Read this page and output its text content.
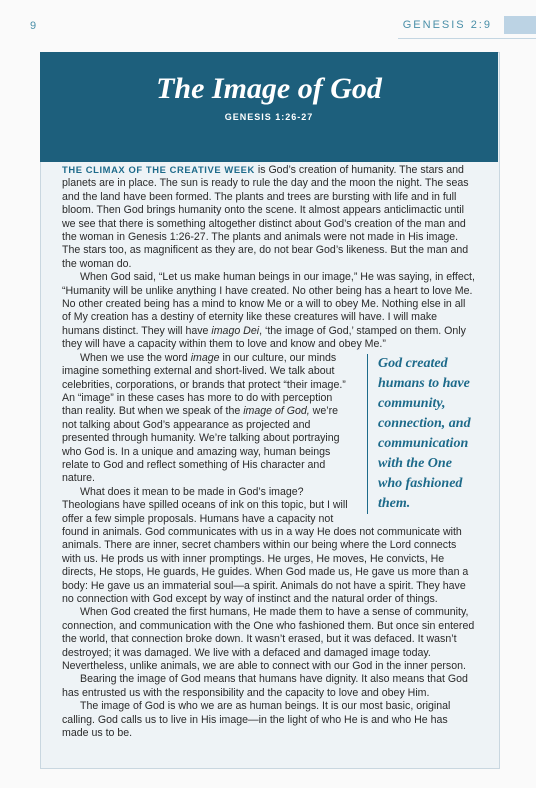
9	GENESIS 2:9
The Image of God
GENESIS 1:26-27

THE CLIMAX OF THE CREATIVE WEEK is God’s creation of humanity. The stars and planets are in place. The sun is ready to rule the day and the moon the night. The seas and the land have been formed. The plants and trees are bursting with life and in full bloom. Then God brings humanity onto the scene. It almost appears anticlimactic until we see that there is something altogether distinct about God’s creation of the man and the woman in Genesis 1:26-27. The plants and animals were not made in His image. The stars too, as magnificent as they are, do not bear God’s likeness. But the man and the woman do.

When God said, “Let us make human beings in our image,” He was saying, in effect, “Humanity will be unlike anything I have created. No other being has a heart to love Me. No other created being has a mind to know Me or a will to obey Me. Nothing else in all of My creation has a destiny of eternity like these creatures will have. I will make humans distinct. They will have imago Dei, ‘the image of God,’ stamped on them. Only they will have a capacity within them to love and know and obey Me.”

God created humans to have community, connection, and communication with the One who fashioned them.

When we use the word image in our culture, our minds imagine something external and short-lived. We talk about celebrities, corporations, or brands that protect “their image.” An “image” in these cases has more to do with perception than reality. But when we speak of the image of God, we’re not talking about God’s appearance as projected and presented through humanity. We’re talking about portraying who God is. In a unique and amazing way, human beings relate to God and reflect something of His character and nature.

What does it mean to be made in God’s image? Theologians have spilled oceans of ink on this topic, but I will offer a few simple proposals. Humans have a capacity not found in animals. God communicates with us in a way He does not communicate with animals. There are inner, secret chambers within our being where the Lord connects with us. He prods us with inner promptings. He urges, He moves, He convicts, He directs, He stops, He guards, He guides. When God made us, He gave us more than a body: He gave us an immaterial soul—a spirit. Animals do not have a spirit. They have no connection with God except by way of instinct and the natural order of things.

When God created the first humans, He made them to have a sense of community, connection, and communication with the One who fashioned them. But once sin entered the world, that connection broke down. It wasn’t erased, but it was defaced. It wasn’t destroyed; it was damaged. We live with a defaced and damaged image today. Nevertheless, unlike animals, we are able to connect with our God in the inner person.

Bearing the image of God means that humans have dignity. It also means that God has entrusted us with the responsibility and the capacity to love and obey Him.

The image of God is who we are as human beings. It is our most basic, original calling. God calls us to live in His image—in the light of who He is and who He has made us to be.
